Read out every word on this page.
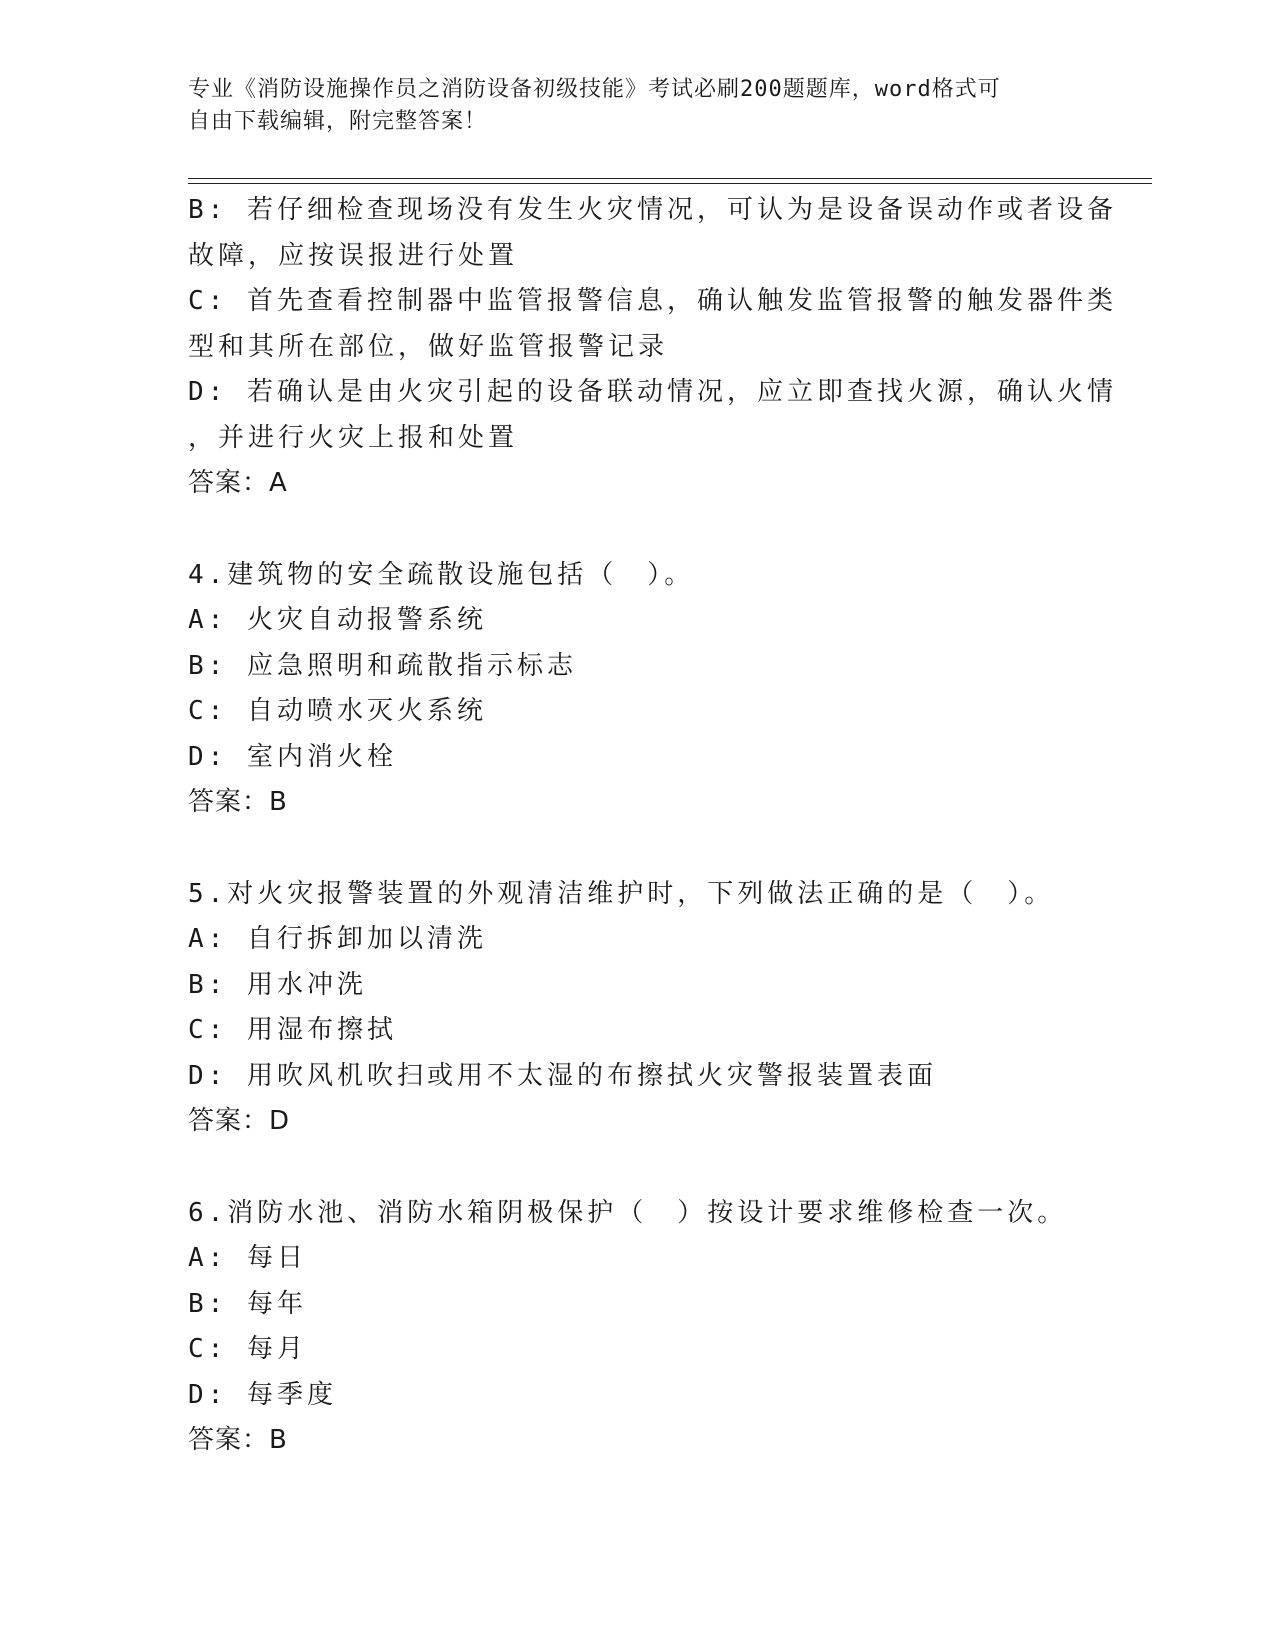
专业《消防设施操作员之消防设备初级技能》考试必刷200题题库，word格式可
自由下载编辑，附完整答案！
B: 若仔细检查现场没有发生火灾情况，可认为是设备误动作或者设备
故障，应按误报进行处置
C: 首先查看控制器中监管报警信息，确认触发监管报警的触发器件类
型和其所在部位，做好监管报警记录
D: 若确认是由火灾引起的设备联动情况，应立即查找火源，确认火情
，并进行火灾上报和处置
答案：A
4.建筑物的安全疏散设施包括（　）。
A: 火灾自动报警系统
B: 应急照明和疏散指示标志
C: 自动喷水灭火系统
D: 室内消火栓
答案：B
5.对火灾报警装置的外观清洁维护时，下列做法正确的是（　）。
A: 自行拆卸加以清洗
B: 用水冲洗
C: 用湿布擦拭
D: 用吹风机吹扫或用不太湿的布擦拭火灾警报装置表面
答案：D
6.消防水池、消防水箱阴极保护（　）按设计要求维修检查一次。
A: 每日
B: 每年
C: 每月
D: 每季度
答案：B
